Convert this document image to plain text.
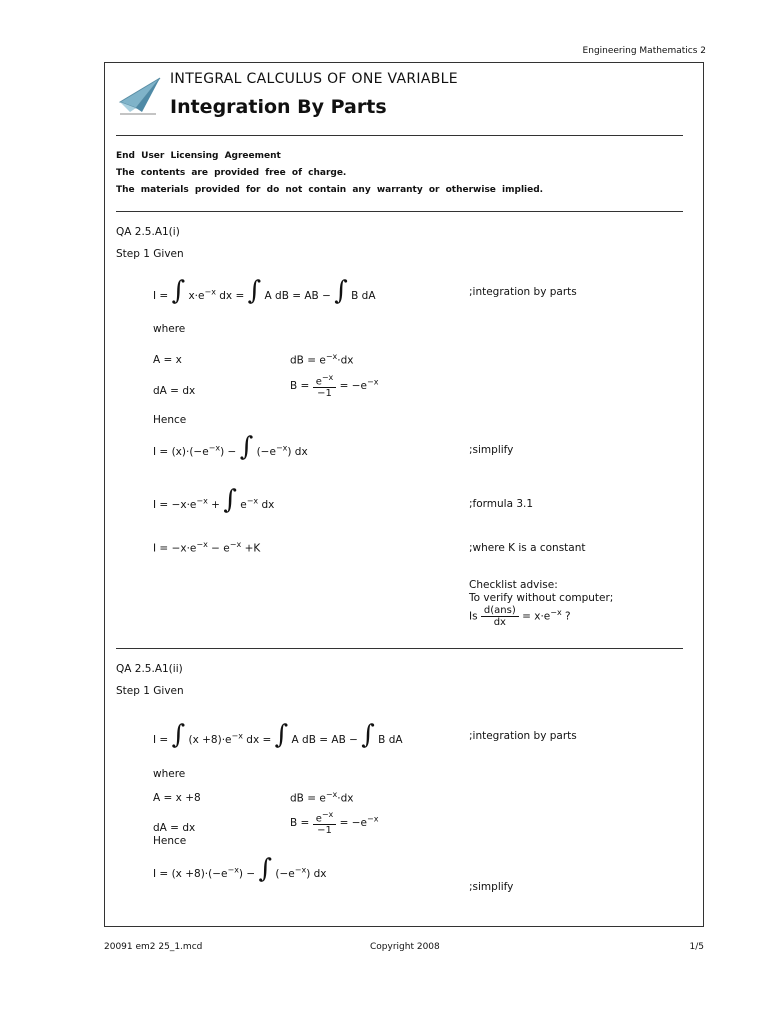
Engineering Mathematics 2
INTEGRAL CALCULUS OF ONE VARIABLE
Integration By Parts
End User Licensing Agreement
The contents are provided free of charge.
The materials provided for do not contain any warranty or otherwise implied.
QA 2.5.A1(i)
Step 1 Given
I = ∫ $x\cdot e^{-x}$ dx = ∫ A dB = AB − ∫ B dA	;integration by parts
where
A = x	dB = $e^{-x}\cdot dx$
dA = dx	$B = \frac{e^{-x}}{-1} = -e^{-x}$
Hence
$I = (x)\cdot(-e^{-x})$ − ∫ $(-e^{-x})$ dx	;simplify
$I = -x\cdot e^{-x}$ + ∫ $e^{-x}$ dx	;formula 3.1
$I = -x\cdot e^{-x} - e^{-x} +K$	;where K is a constant
Checklist advise:
To verify without computer;
Is $\frac{\text{d(ans)}}{dx} = x\cdot e^{-x}$ ?
QA 2.5.A1(ii)
Step 1 Given
I = ∫ $(x +8)\cdot e^{-x}$ dx = ∫ A dB = AB − ∫ B dA	;integration by parts
where
A = x +8	dB = $e^{-x}\cdot dx$
dA = dx	$B = \frac{e^{-x}}{-1} = -e^{-x}$
Hence
$I = (x +8)\cdot(-e^{-x})$ − ∫ $(-e^{-x})$ dx
;simplify
20091 em2 25_1.mcd	Copyright 2008	1/5
